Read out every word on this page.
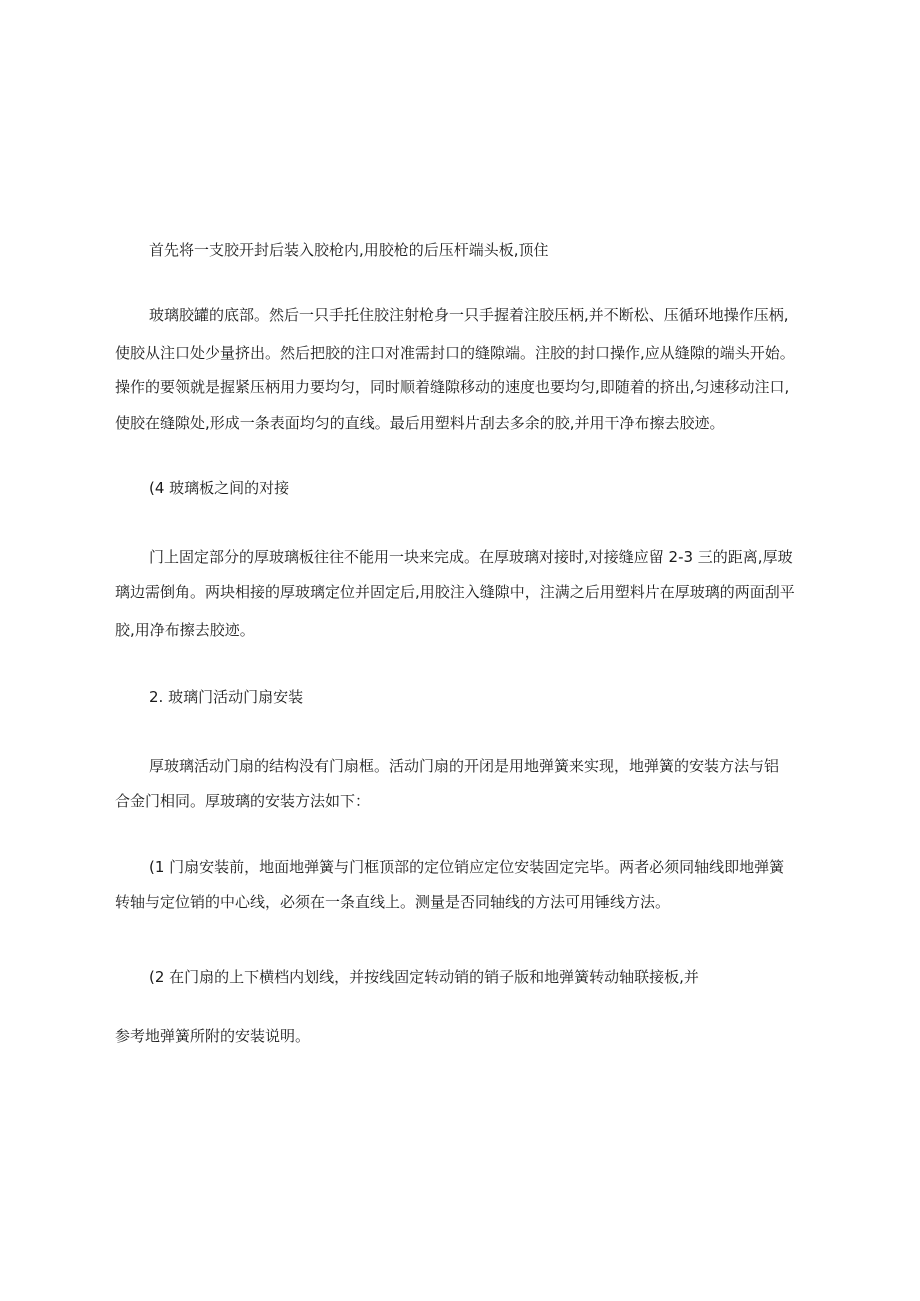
首先将一支胶开封后装入胶枪内,用胶枪的后压杆端头板,顶住
玻璃胶罐的底部。然后一只手托住胶注射枪身一只手握着注胶压柄,并不断松、压循环地操作压柄,
使胶从注口处少量挤出。然后把胶的注口对准需封口的缝隙端。注胶的封口操作,应从缝隙的端头开始。
操作的要领就是握紧压柄用力要均匀，同时顺着缝隙移动的速度也要均匀,即随着的挤出,匀速移动注口,
使胶在缝隙处,形成一条表面均匀的直线。最后用塑料片刮去多余的胶,并用干净布擦去胶迹。
(4 玻璃板之间的对接
门上固定部分的厚玻璃板往往不能用一块来完成。在厚玻璃对接时,对接缝应留 2-3 三的距离,厚玻
璃边需倒角。两块相接的厚玻璃定位并固定后,用胶注入缝隙中，注满之后用塑料片在厚玻璃的两面刮平
胶,用净布擦去胶迹。
2. 玻璃门活动门扇安装
厚玻璃活动门扇的结构没有门扇框。活动门扇的开闭是用地弹簧来实现，地弹簧的安装方法与铝
合金门相同。厚玻璃的安装方法如下：
(1 门扇安装前，地面地弹簧与门框顶部的定位销应定位安装固定完毕。两者必须同轴线即地弹簧
转轴与定位销的中心线，必须在一条直线上。测量是否同轴线的方法可用锤线方法。
(2 在门扇的上下横档内划线，并按线固定转动销的销子版和地弹簧转动轴联接板,并
参考地弹簧所附的安装说明。
